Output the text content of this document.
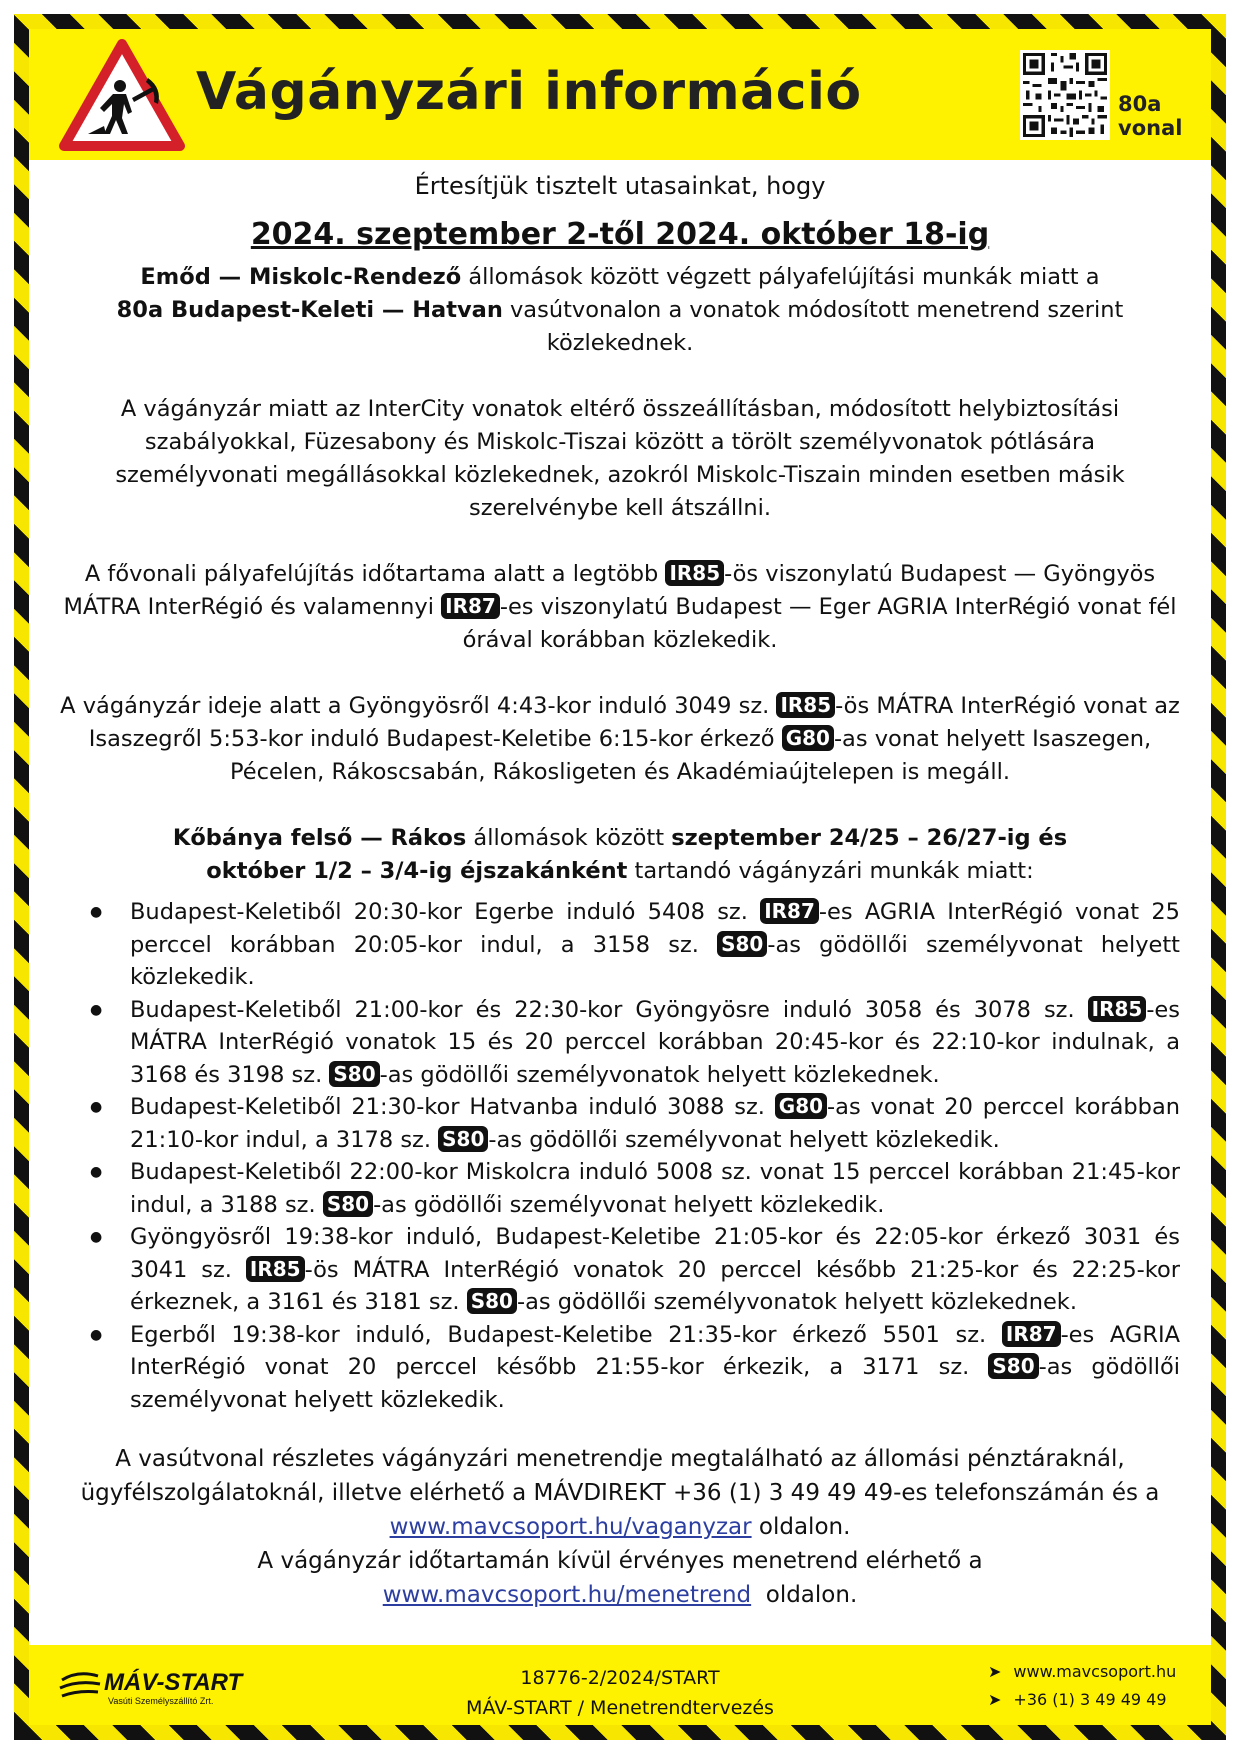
Vágányzári információ	80a
vonal

Értesítjük tisztelt utasainkat, hogy

2024. szeptember 2-től 2024. október 18-ig

Emőd — Miskolc-Rendező állomások között végzett pályafelújítási munkák miatt a
80a Budapest-Keleti — Hatvan vasútvonalon a vonatok módosított menetrend szerint közlekednek.

A vágányzár miatt az InterCity vonatok eltérő összeállításban, módosított helybiztosítási szabályokkal, Füzesabony és Miskolc-Tiszai között a törölt személyvonatok pótlására személyvonati megállásokkal közlekednek, azokról Miskolc-Tiszain minden esetben másik szerelvénybe kell átszállni.

A fővonali pályafelújítás időtartama alatt a legtöbb IR85 -ös viszonylatú Budapest — Gyöngyös MÁTRA InterRégió és valamennyi IR87 -es viszonylatú Budapest — Eger AGRIA InterRégió vonat fél órával korábban közlekedik.

A vágányzár ideje alatt a Gyöngyösről 4:43-kor induló 3049 sz. IR85 -ös MÁTRA InterRégió vonat az Isaszegről 5:53-kor induló Budapest-Keletibe 6:15-kor érkező G80 -as vonat helyett Isaszegen, Pécelen, Rákoscsabán, Rákosligeten és Akadémiaújtelepen is megáll.

Kőbánya felső — Rákos állomások között szeptember 24/25 – 26/27-ig és október 1/2 – 3/4-ig éjszakánként tartandó vágányzári munkák miatt:

● Budapest-Keletiből 20:30-kor Egerbe induló 5408 sz. IR87 -es AGRIA InterRégió vonat 25 perccel korábban 20:05-kor indul, a 3158 sz. S80 -as gödöllői személyvonat helyett közlekedik.
● Budapest-Keletiből 21:00-kor és 22:30-kor Gyöngyösre induló 3058 és 3078 sz. IR85 -es MÁTRA InterRégió vonatok 15 és 20 perccel korábban 20:45-kor és 22:10-kor indulnak, a 3168 és 3198 sz. S80 -as gödöllői személyvonatok helyett közlekednek.
● Budapest-Keletiből 21:30-kor Hatvanba induló 3088 sz. G80 -as vonat 20 perccel korábban 21:10-kor indul, a 3178 sz. S80 -as gödöllői személyvonat helyett közlekedik.
● Budapest-Keletiből 22:00-kor Miskolcra induló 5008 sz. vonat 15 perccel korábban 21:45-kor indul, a 3188 sz. S80 -as gödöllői személyvonat helyett közlekedik.
● Gyöngyösről 19:38-kor induló, Budapest-Keletibe 21:05-kor és 22:05-kor érkező 3031 és 3041 sz. IR85 -ös MÁTRA InterRégió vonatok 20 perccel később 21:25-kor és 22:25-kor érkeznek, a 3161 és 3181 sz. S80 -as gödöllői személyvonatok helyett közlekednek.
● Egerből 19:38-kor induló, Budapest-Keletibe 21:35-kor érkező 5501 sz. IR87 -es AGRIA InterRégió vonat 20 perccel később 21:55-kor érkezik, a 3171 sz. S80 -as gödöllői személyvonat helyett közlekedik.

A vasútvonal részletes vágányzári menetrendje megtalálható az állomási pénztáraknál, ügyfélszolgálatoknál, illetve elérhető a MÁVDIREKT +36 (1) 3 49 49 49-es telefonszámán és a
www.mavcsoport.hu/vaganyzar oldalon.
A vágányzár időtartamán kívül érvényes menetrend elérhető a
www.mavcsoport.hu/menetrend  oldalon.

MÁV-START
Vasúti Személyszállító Zrt.
18776-2/2024/START
MÁV-START / Menetrendtervezés
➤ www.mavcsoport.hu
➤ +36 (1) 3 49 49 49
